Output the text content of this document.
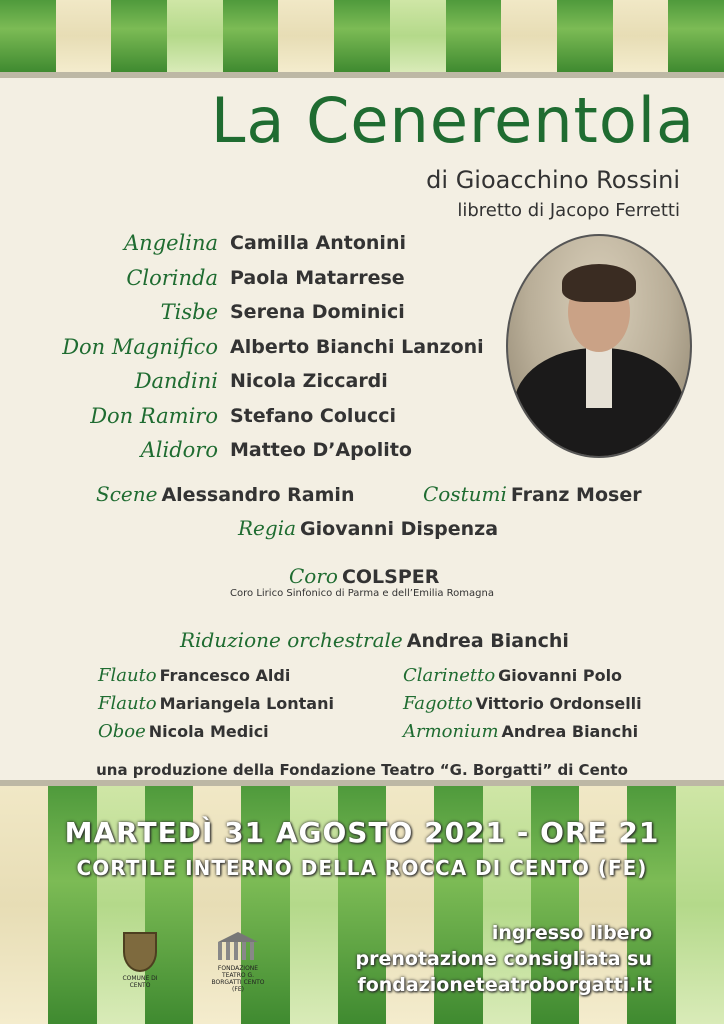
La Cenerentola
di Gioacchino Rossini
libretto di Jacopo Ferretti
Angelina Camilla Antonini
Clorinda Paola Matarrese
Tisbe Serena Dominici
Don Magnifico Alberto Bianchi Lanzoni
Dandini Nicola Ziccardi
Don Ramiro Stefano Colucci
Alidoro Matteo D’Apolito
Scene Alessandro Ramin	Costumi Franz Moser
Regia Giovanni Dispenza
Coro COLSPER
Coro Lirico Sinfonico di Parma e dell’Emilia Romagna
Riduzione orchestrale Andrea Bianchi
Flauto Francesco Aldi
Flauto Mariangela Lontani
Oboe Nicola Medici
Clarinetto Giovanni Polo
Fagotto Vittorio Ordonselli
Armonium Andrea Bianchi
una produzione della Fondazione Teatro “G. Borgatti” di Cento
MARTEDÌ 31 AGOSTO 2021 - ORE 21
CORTILE INTERNO DELLA ROCCA DI CENTO (FE)
ingresso libero
prenotazione consigliata su
fondazioneteatroborgatti.it
COMUNE DI CENTO
FONDAZIONE TEATRO G. BORGATTI CENTO (FE)
